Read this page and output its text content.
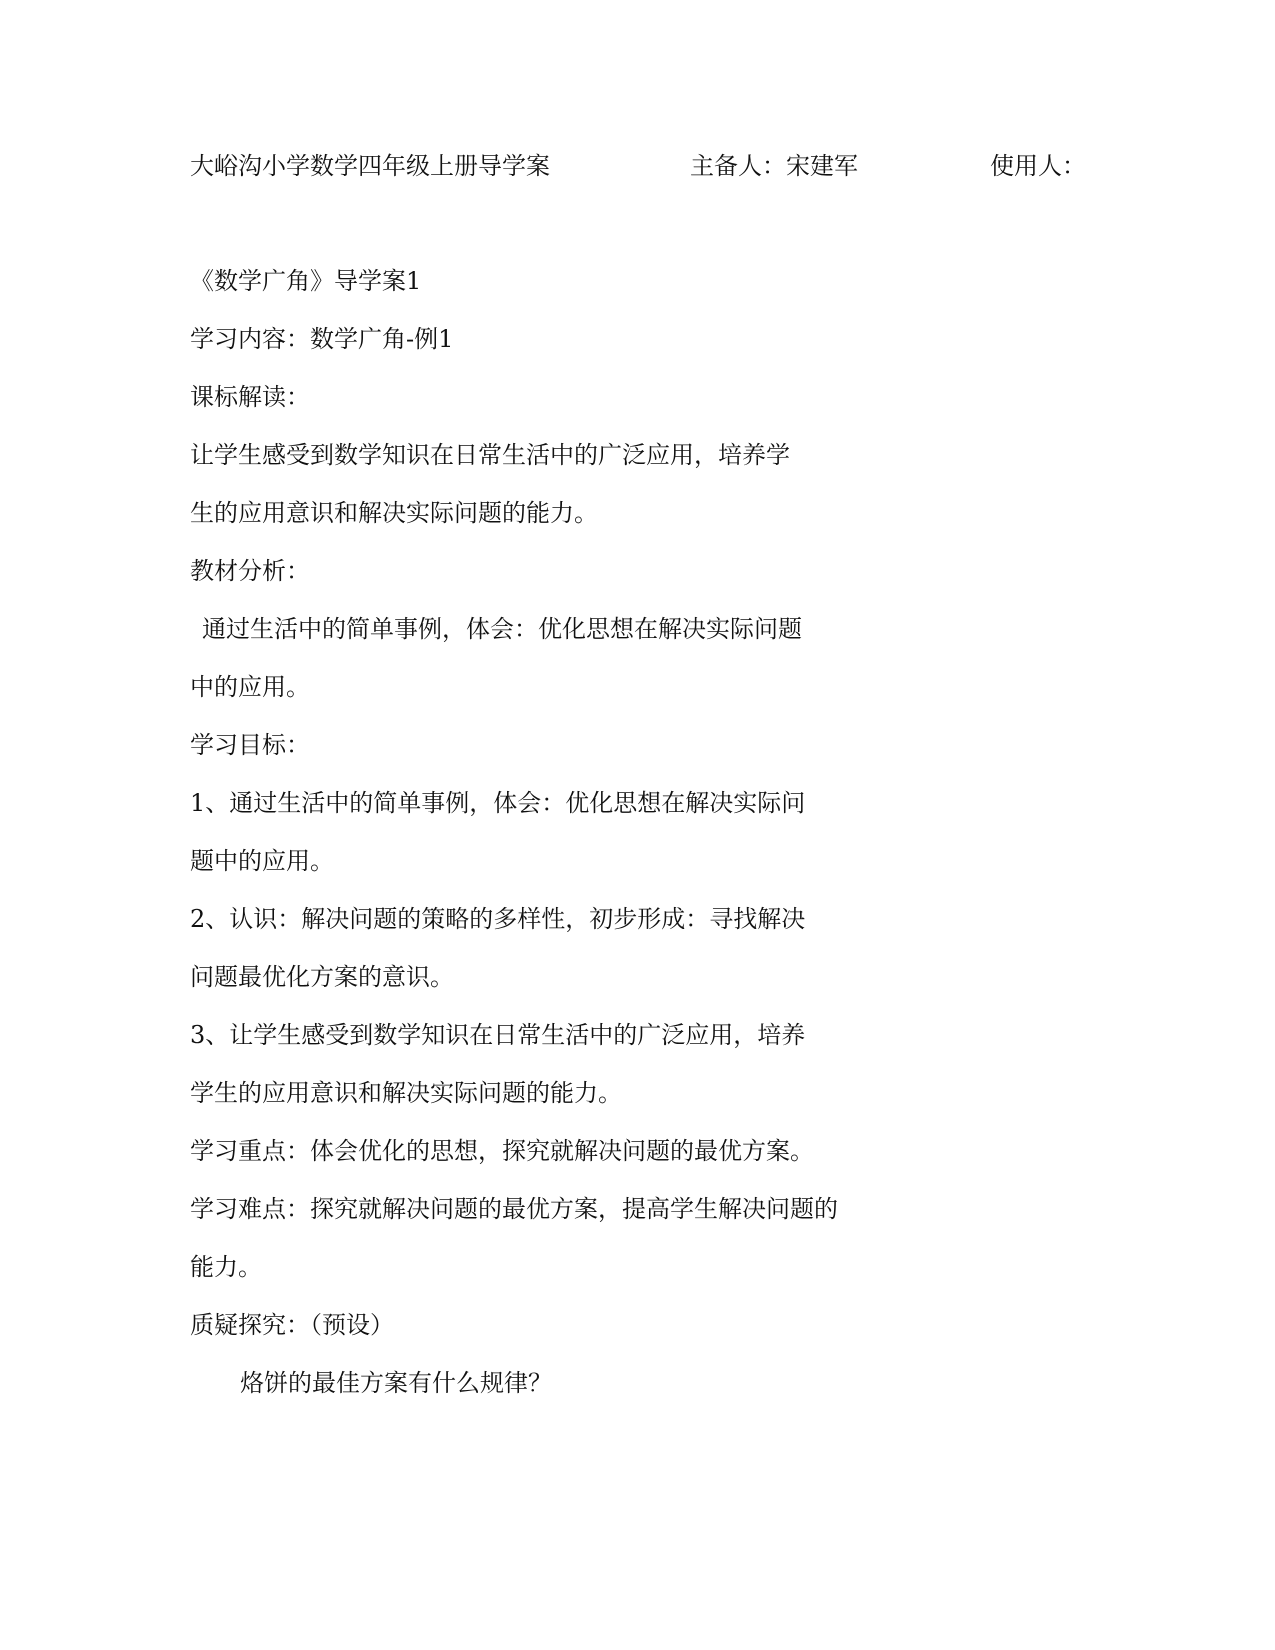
大峪沟小学数学四年级上册导学案	主备人：宋建军	使用人：
《数学广角》导学案1
学习内容：数学广角-例1
课标解读：
让学生感受到数学知识在日常生活中的广泛应用，培养学
生的应用意识和解决实际问题的能力。
教材分析：
通过生活中的简单事例，体会：优化思想在解决实际问题
中的应用。
学习目标：
1、通过生活中的简单事例，体会：优化思想在解决实际问
题中的应用。
2、认识：解决问题的策略的多样性，初步形成：寻找解决
问题最优化方案的意识。
3、让学生感受到数学知识在日常生活中的广泛应用，培养
学生的应用意识和解决实际问题的能力。
学习重点：体会优化的思想，探究就解决问题的最优方案。
学习难点：探究就解决问题的最优方案，提高学生解决问题的
能力。
质疑探究：（预设）
烙饼的最佳方案有什么规律？
